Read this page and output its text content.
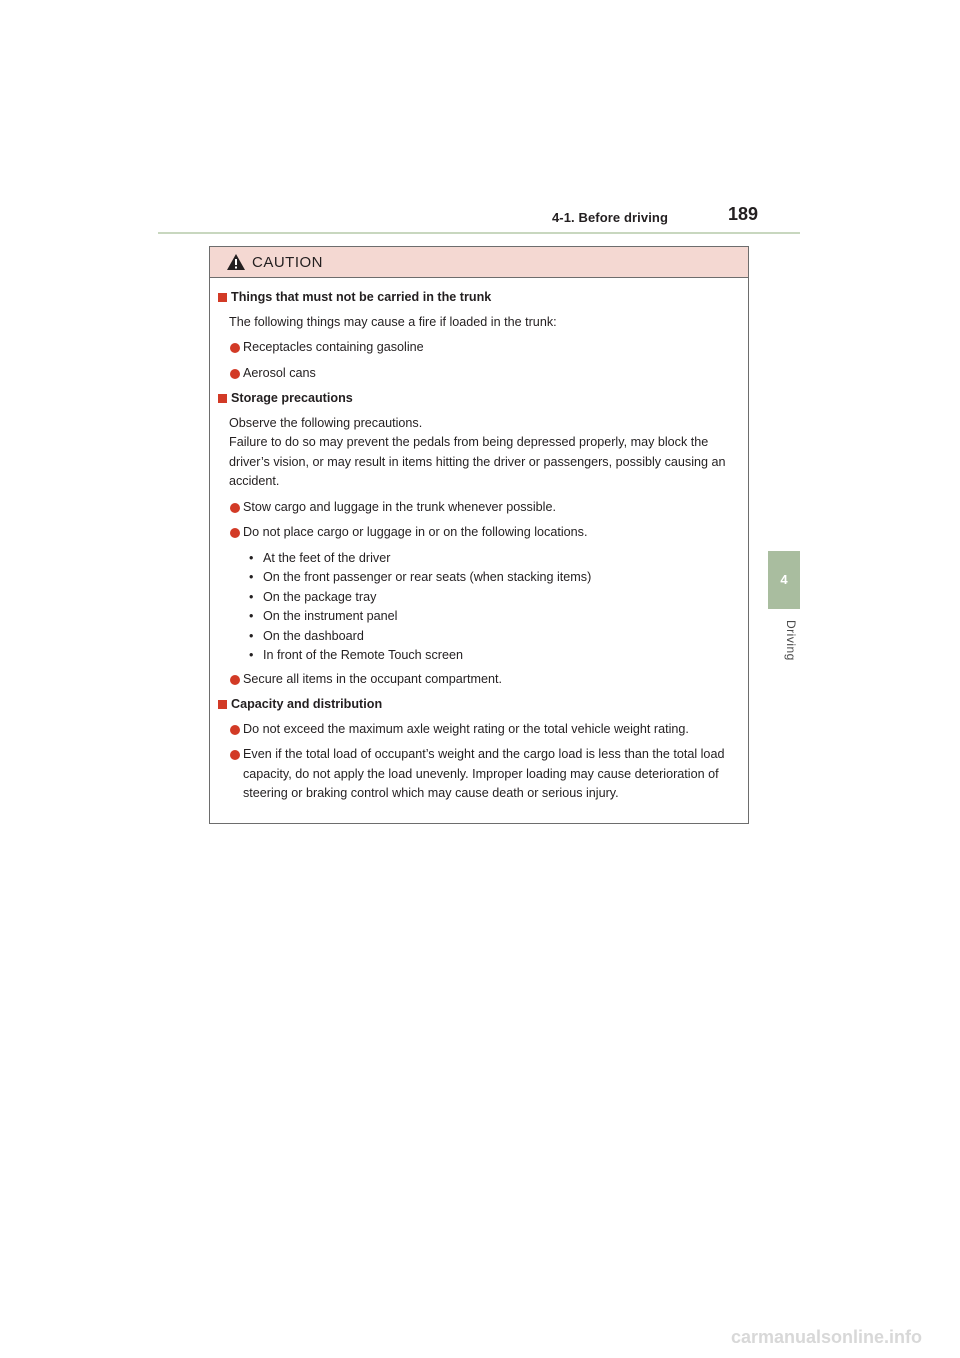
4-1. Before driving	189
4
Driving
CAUTION
Things that must not be carried in the trunk
The following things may cause a fire if loaded in the trunk:
Receptacles containing gasoline
Aerosol cans
Storage precautions
Observe the following precautions.
Failure to do so may prevent the pedals from being depressed properly, may block the driver’s vision, or may result in items hitting the driver or passengers, possibly causing an accident.
Stow cargo and luggage in the trunk whenever possible.
Do not place cargo or luggage in or on the following locations.
• At the feet of the driver
• On the front passenger or rear seats (when stacking items)
• On the package tray
• On the instrument panel
• On the dashboard
• In front of the Remote Touch screen
Secure all items in the occupant compartment.
Capacity and distribution
Do not exceed the maximum axle weight rating or the total vehicle weight rating.
Even if the total load of occupant’s weight and the cargo load is less than the total load capacity, do not apply the load unevenly. Improper loading may cause deterioration of steering or braking control which may cause death or serious injury.
carmanualsonline.info
